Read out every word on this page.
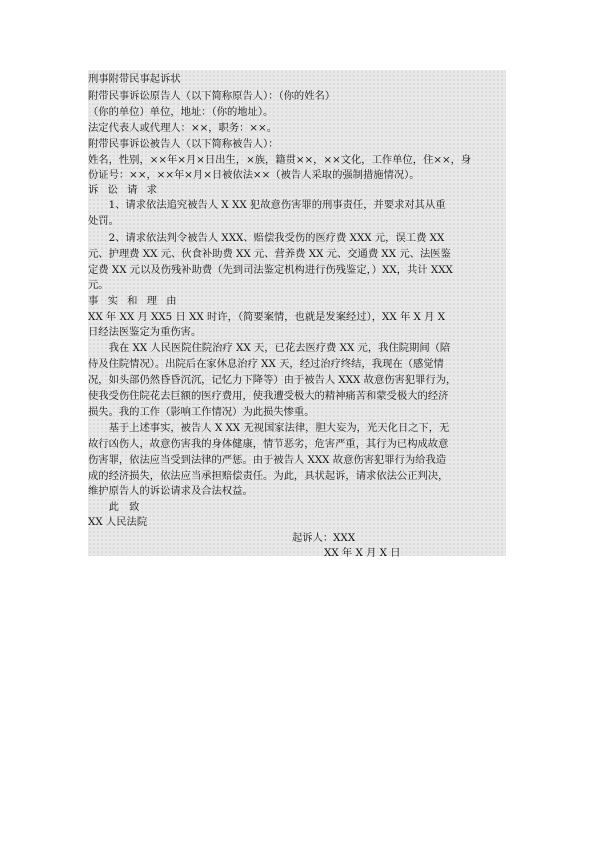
刑事附带民事起诉状
附带民事诉讼原告人（以下简称原告人）：（你的姓名）
（你的单位）单位，地址：（你的地址）。
法定代表人或代理人：××，职务：××。
附带民事诉讼被告人（以下简称被告人）：
姓名，性别，××年×月×日出生，×族，籍贯××，××文化，工作单位，住××，身
份证号：××，××年×月×日被依法××（被告人采取的强制措施情况）。
诉 讼 请 求
　　1、请求依法追究被告人 X XX 犯故意伤害罪的刑事责任，并要求对其从重
处罚。
　　2、请求依法判令被告人 XXX、赔偿我受伤的医疗费 XXX 元，误工费 XX
元、护理费 XX 元、伙食补助费 XX 元、营养费 XX 元、交通费 XX 元、法医鉴
定费 XX 元以及伤残补助费（先到司法鉴定机构进行伤残鉴定，）XX，共计 XXX
元。
事 实 和 理 由
XX 年 XX 月 XX5 日 XX 时许，（简要案情，也就是发案经过），XX 年 X 月 X
日经法医鉴定为重伤害。
　　我在 XX 人民医院住院治疗 XX 天，已花去医疗费 XX 元，我住院期间（陪
侍及住院情况）。出院后在家休息治疗 XX 天，经过治疗终结，我现在（感觉情
况，如头部仍然昏昏沉沉，记忆力下降等）由于被告人 XXX 故意伤害犯罪行为，
使我受伤住院花去巨额的医疗费用，使我遭受极大的精神痛苦和蒙受极大的经济
损失。我的工作（影响工作情况）为此损失惨重。
　　基于上述事实，被告人 X XX 无视国家法律，胆大妄为，光天化日之下，无
故行凶伤人，故意伤害我的身体健康，情节恶劣，危害严重，其行为已构成故意
伤害罪，依法应当受到法律的严惩。由于被告人 XXX 故意伤害犯罪行为给我造
成的经济损失，依法应当承担赔偿责任。为此，具状起诉，请求依法公正判决，
维护原告人的诉讼请求及合法权益。
　　此　致
XX 人民法院
起诉人：XXX
XX 年 X 月 X 日
